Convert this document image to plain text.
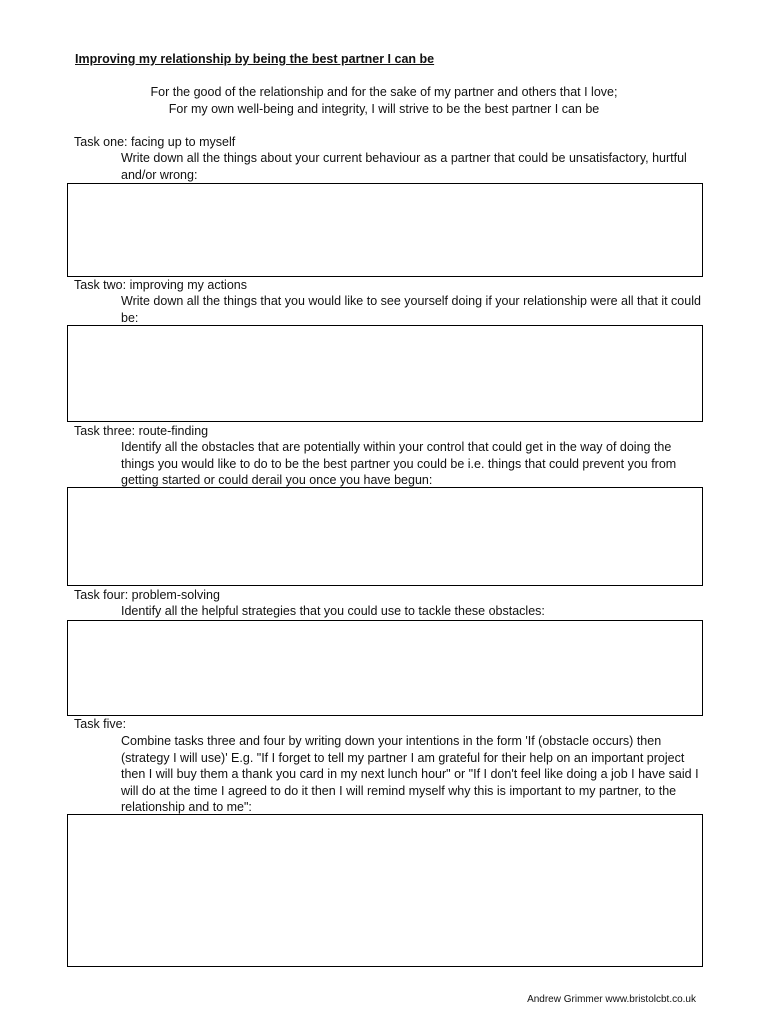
Improving my relationship by being the best partner I can be
For the good of the relationship and for the sake of my partner and others that I love;
For my own well-being and integrity, I will strive to be the best partner I can be
Task one: facing up to myself
Write down all the things about your current behaviour as a partner that could be unsatisfactory, hurtful and/or wrong:
Task two: improving my actions
Write down all the things that you would like to see yourself doing if your relationship were all that it could be:
Task three: route-finding
Identify all the obstacles that are potentially within your control that could get in the way of doing the things you would like to do to be the best partner you could be i.e. things that could prevent you from getting started or could derail you once you have begun:
Task four: problem-solving
Identify all the helpful strategies that you could use to tackle these obstacles:
Task five:
Combine tasks three and four by writing down your intentions in the form 'If (obstacle occurs) then (strategy I will use)' E.g. "If I forget to tell my partner I am grateful for their help on an important project then I will buy them a thank you card in my next lunch hour" or "If I don't feel like doing a job I have said I will do at the time I agreed to do it then I will remind myself why this is important to my partner, to the relationship and to me":
Andrew Grimmer www.bristolcbt.co.uk
